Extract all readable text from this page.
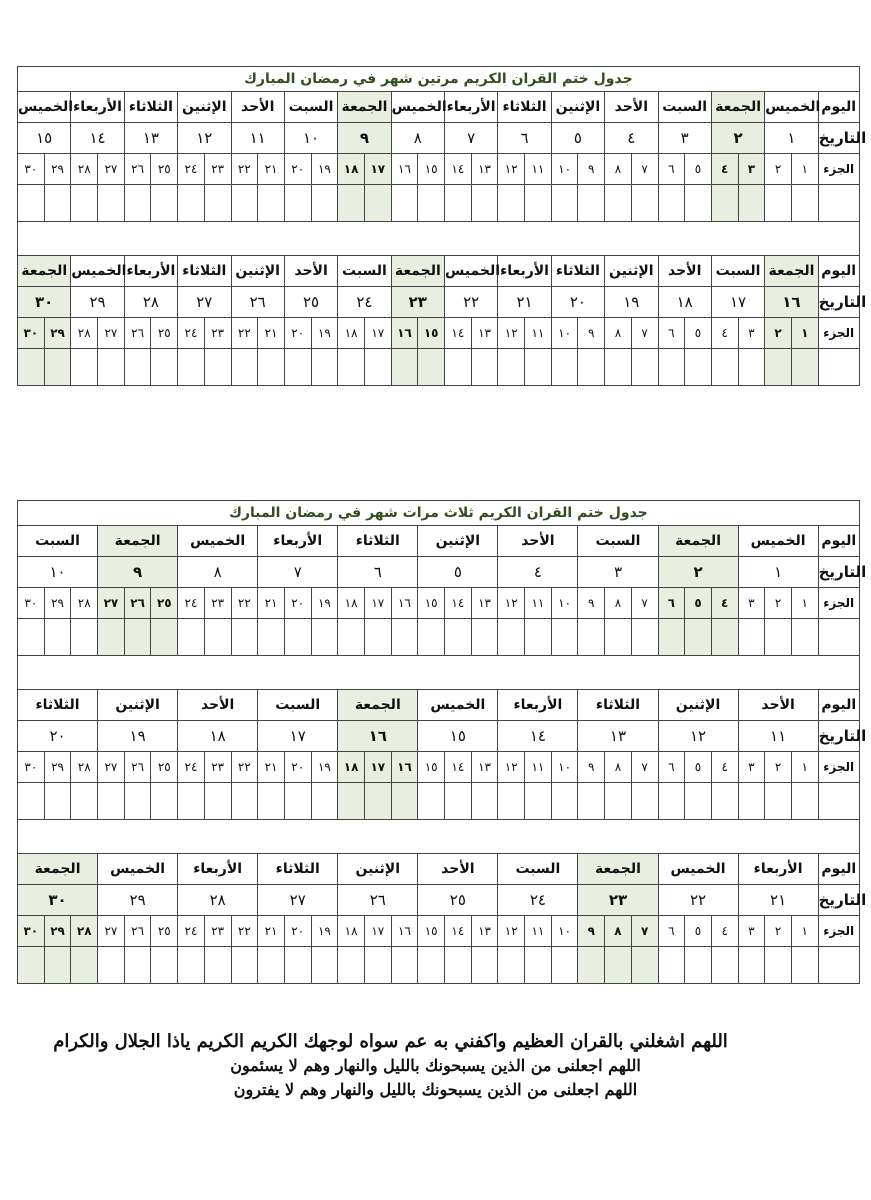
جدول ختم القران الكريم مرتين شهر في رمضان المبارك																														
الخميس		الأربعاء		الثلاثاء		الإثنين		الأحد		السبت		الجمعة		الخميس		الأربعاء		الثلاثاء		الإثنين		الأحد		السبت		الجمعة		الخميس		اليوم
١٥		١٤		١٣		١٢		١١		١٠		٩		٨		٧		٦		٥		٤		٣		٢		١		التاريخ
٣٠	٢٩	٢٨	٢٧	٢٦	٢٥	٢٤	٢٣	٢٢	٢١	٢٠	١٩	١٨	١٧	١٦	١٥	١٤	١٣	١٢	١١	١٠	٩	٨	٧	٦	٥	٤	٣	٢	١	الجزء

الجمعة		الخميس		الأربعاء		الثلاثاء		الإثنين		الأحد		السبت		الجمعة		الخميس		الأربعاء		الثلاثاء		الإثنين		الأحد		السبت		الجمعة		اليوم
٣٠		٢٩		٢٨		٢٧		٢٦		٢٥		٢٤		٢٣		٢٢		٢١		٢٠		١٩		١٨		١٧		١٦		التاريخ
٣٠	٢٩	٢٨	٢٧	٢٦	٢٥	٢٤	٢٣	٢٢	٢١	٢٠	١٩	١٨	١٧	١٦	١٥	١٤	١٣	١٢	١١	١٠	٩	٨	٧	٦	٥	٤	٣	٢	١	الجزء

جدول ختم القران الكريم ثلاث مرات شهر في رمضان المبارك																														
السبت			الجمعة			الخميس			الأربعاء			الثلاثاء			الإثنين			الأحد			السبت			الجمعة			الخميس			اليوم
١٠			٩			٨			٧			٦			٥			٤			٣			٢			١			التاريخ
٣٠	٢٩	٢٨	٢٧	٢٦	٢٥	٢٤	٢٣	٢٢	٢١	٢٠	١٩	١٨	١٧	١٦	١٥	١٤	١٣	١٢	١١	١٠	٩	٨	٧	٦	٥	٤	٣	٢	١	الجزء

الثلاثاء			الإثنين			الأحد			السبت			الجمعة			الخميس			الأربعاء			الثلاثاء			الإثنين			الأحد			اليوم
٢٠			١٩			١٨			١٧			١٦			١٥			١٤			١٣			١٢			١١			التاريخ
٣٠	٢٩	٢٨	٢٧	٢٦	٢٥	٢٤	٢٣	٢٢	٢١	٢٠	١٩	١٨	١٧	١٦	١٥	١٤	١٣	١٢	١١	١٠	٩	٨	٧	٦	٥	٤	٣	٢	١	الجزء

الجمعة			الخميس			الأربعاء			الثلاثاء			الإثنين			الأحد			السبت			الجمعة			الخميس			الأربعاء			اليوم
٣٠			٢٩			٢٨			٢٧			٢٦			٢٥			٢٤			٢٣			٢٢			٢١			التاريخ
٣٠	٢٩	٢٨	٢٧	٢٦	٢٥	٢٤	٢٣	٢٢	٢١	٢٠	١٩	١٨	١٧	١٦	١٥	١٤	١٣	١٢	١١	١٠	٩	٨	٧	٦	٥	٤	٣	٢	١	الجزء

اللهم اشغلني بالقران العظيم واكفني به عم سواه لوجهك الكريم الكريم ياذا الجلال والكرام
اللهم اجعلنى من الذين يسبحونك بالليل والنهار وهم لا يسئمون
اللهم اجعلنى من الذين يسبحونك بالليل والنهار وهم لا يفترون
